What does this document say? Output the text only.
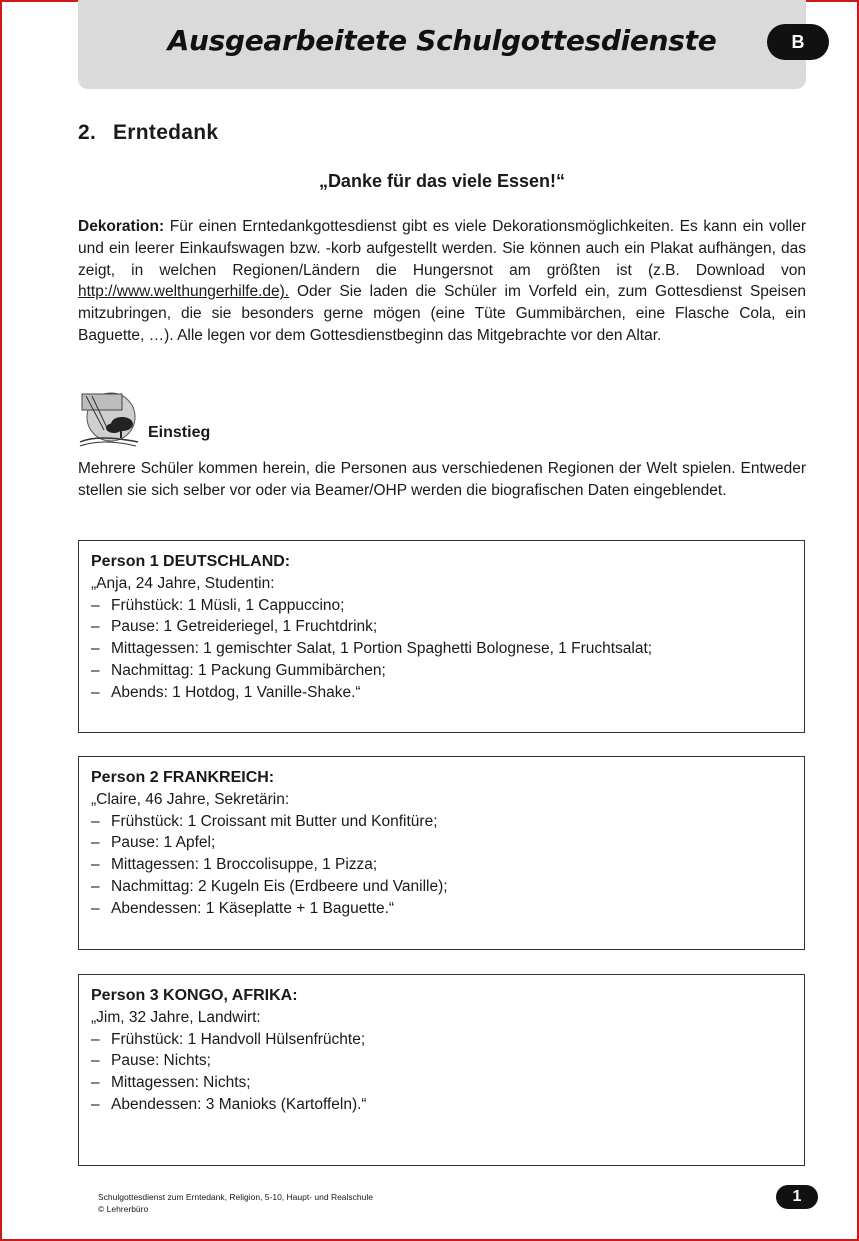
Ausgearbeitete Schulgottesdienste	B
2. Erntedank
„Danke für das viele Essen!“
Dekoration: Für einen Erntedankgottesdienst gibt es viele Dekorationsmöglichkeiten. Es kann ein voller und ein leerer Einkaufswagen bzw. -korb aufgestellt werden. Sie können auch ein Plakat aufhängen, das zeigt, in welchen Regionen/Ländern die Hungersnot am größten ist (z.B. Download von http://www.welthungerhilfe.de). Oder Sie laden die Schüler im Vorfeld ein, zum Gottesdienst Speisen mitzubringen, die sie besonders gerne mögen (eine Tüte Gummibärchen, eine Flasche Cola, ein Baguette, …). Alle legen vor dem Gottesdienstbeginn das Mitgebrachte vor den Altar.
Einstieg
Mehrere Schüler kommen herein, die Personen aus verschiedenen Regionen der Welt spielen. Entweder stellen sie sich selber vor oder via Beamer/OHP werden die biografischen Daten eingeblendet.
Person 1 DEUTSCHLAND:
„Anja, 24 Jahre, Studentin:
– Frühstück: 1 Müsli, 1 Cappuccino;
– Pause: 1 Getreideriegel, 1 Fruchtdrink;
– Mittagessen: 1 gemischter Salat, 1 Portion Spaghetti Bolognese, 1 Fruchtsalat;
– Nachmittag: 1 Packung Gummibärchen;
– Abends: 1 Hotdog, 1 Vanille-Shake.“
Person 2 FRANKREICH:
„Claire, 46 Jahre, Sekretärin:
– Frühstück: 1 Croissant mit Butter und Konfitüre;
– Pause: 1 Apfel;
– Mittagessen: 1 Broccolisuppe, 1 Pizza;
– Nachmittag: 2 Kugeln Eis (Erdbeere und Vanille);
– Abendessen: 1 Käseplatte + 1 Baguette.“
Person 3 KONGO, AFRIKA:
„Jim, 32 Jahre, Landwirt:
– Frühstück: 1 Handvoll Hülsenfrüchte;
– Pause: Nichts;
– Mittagessen: Nichts;
– Abendessen: 3 Manioks (Kartoffeln).“
Schulgottesdienst zum Erntedank, Religion, 5-10, Haupt- und Realschule
© Lehrerbüro
1
